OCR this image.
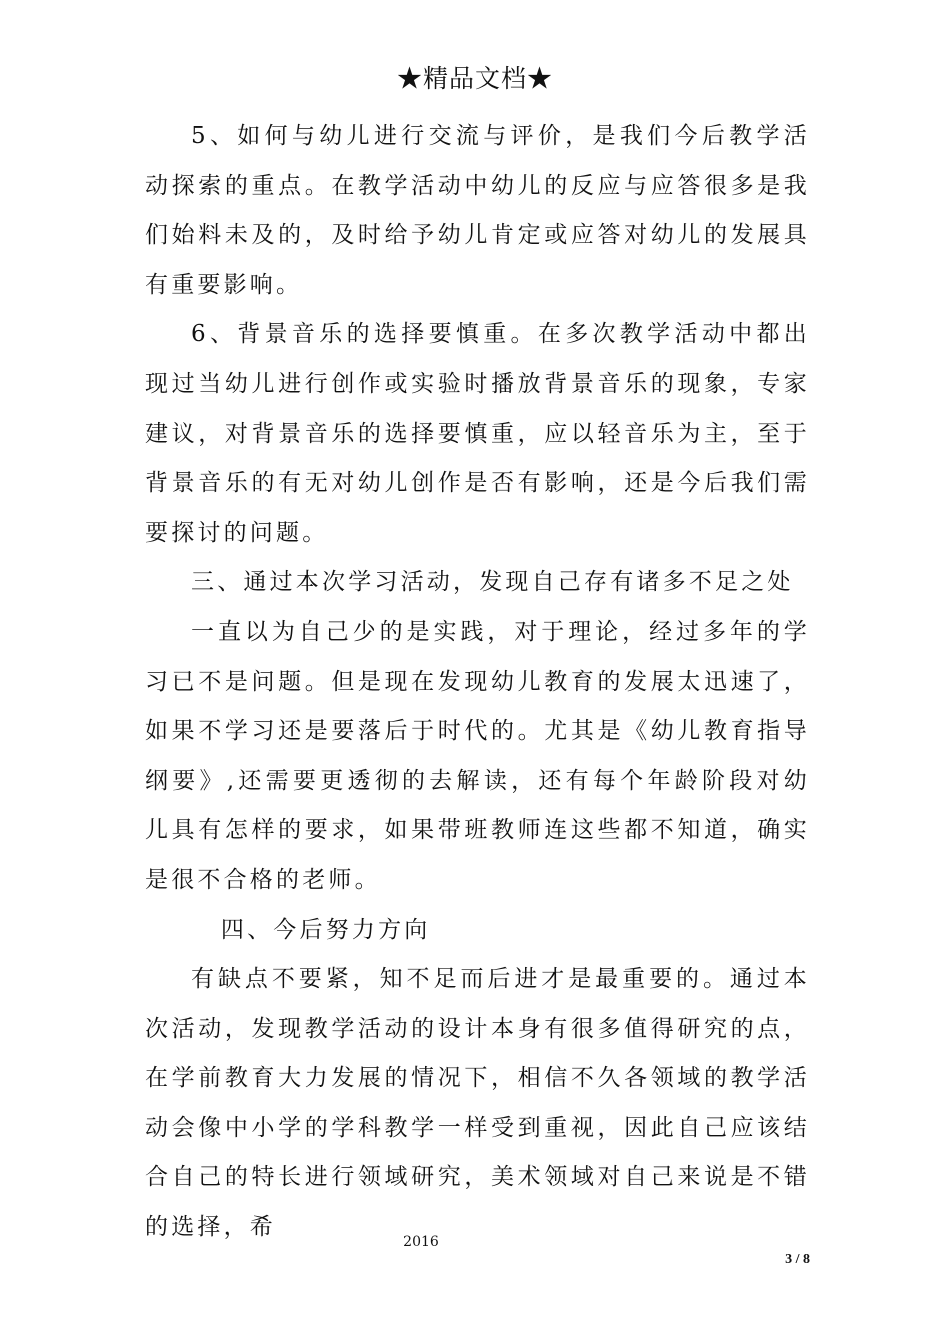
★精品文档★

5、如何与幼儿进行交流与评价，是我们今后教学活动探索的重点。在教学活动中幼儿的反应与应答很多是我们始料未及的，及时给予幼儿肯定或应答对幼儿的发展具有重要影响。

6、背景音乐的选择要慎重。在多次教学活动中都出现过当幼儿进行创作或实验时播放背景音乐的现象，专家建议，对背景音乐的选择要慎重，应以轻音乐为主，至于背景音乐的有无对幼儿创作是否有影响，还是今后我们需要探讨的问题。

三、通过本次学习活动，发现自己存有诸多不足之处

一直以为自己少的是实践，对于理论，经过多年的学习已不是问题。但是现在发现幼儿教育的发展太迅速了，如果不学习还是要落后于时代的。尤其是《幼儿教育指导纲要》,还需要更透彻的去解读，还有每个年龄阶段对幼儿具有怎样的要求，如果带班教师连这些都不知道，确实是很不合格的老师。

四、今后努力方向

有缺点不要紧，知不足而后进才是最重要的。通过本次活动，发现教学活动的设计本身有很多值得研究的点，在学前教育大力发展的情况下，相信不久各领域的教学活动会像中小学的学科教学一样受到重视，因此自己应该结合自己的特长进行领域研究，美术领域对自己来说是不错的选择，希

2016
3 / 8
